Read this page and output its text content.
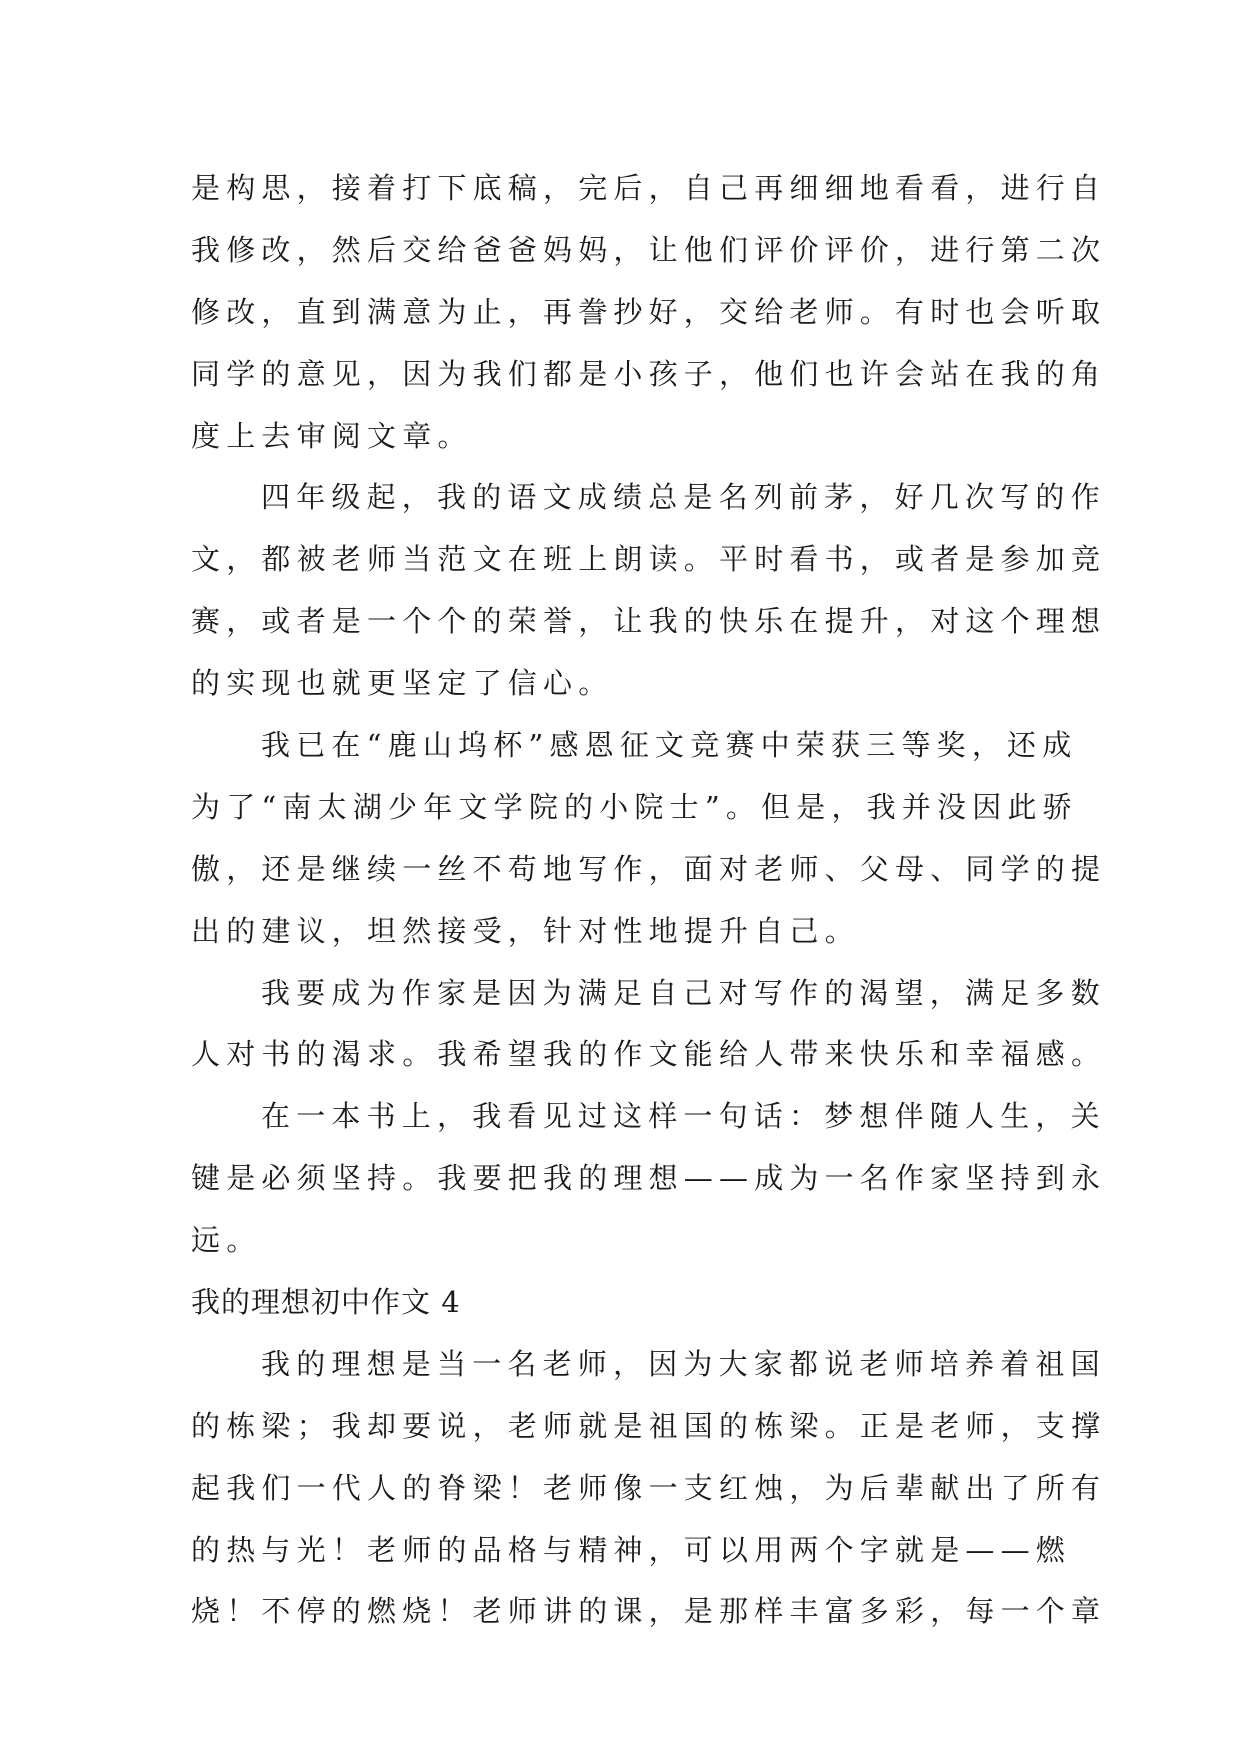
是构思，接着打下底稿，完后，自己再细细地看看，进行自
我修改，然后交给爸爸妈妈，让他们评价评价，进行第二次
修改，直到满意为止，再誊抄好，交给老师。有时也会听取
同学的意见，因为我们都是小孩子，他们也许会站在我的角
度上去审阅文章。
四年级起，我的语文成绩总是名列前茅，好几次写的作
文，都被老师当范文在班上朗读。平时看书，或者是参加竞
赛，或者是一个个的荣誉，让我的快乐在提升，对这个理想
的实现也就更坚定了信心。
我已在“鹿山坞杯”感恩征文竞赛中荣获三等奖，还成
为了“南太湖少年文学院的小院士”。但是，我并没因此骄
傲，还是继续一丝不苟地写作，面对老师、父母、同学的提
出的建议，坦然接受，针对性地提升自己。
我要成为作家是因为满足自己对写作的渴望，满足多数
人对书的渴求。我希望我的作文能给人带来快乐和幸福感。
在一本书上，我看见过这样一句话：梦想伴随人生，关
键是必须坚持。我要把我的理想——成为一名作家坚持到永
远。
我的理想初中作文 4
我的理想是当一名老师，因为大家都说老师培养着祖国
的栋梁；我却要说，老师就是祖国的栋梁。正是老师，支撑
起我们一代人的脊梁！老师像一支红烛，为后辈献出了所有
的热与光！老师的品格与精神，可以用两个字就是——燃
烧！不停的燃烧！老师讲的课，是那样丰富多彩，每一个章
